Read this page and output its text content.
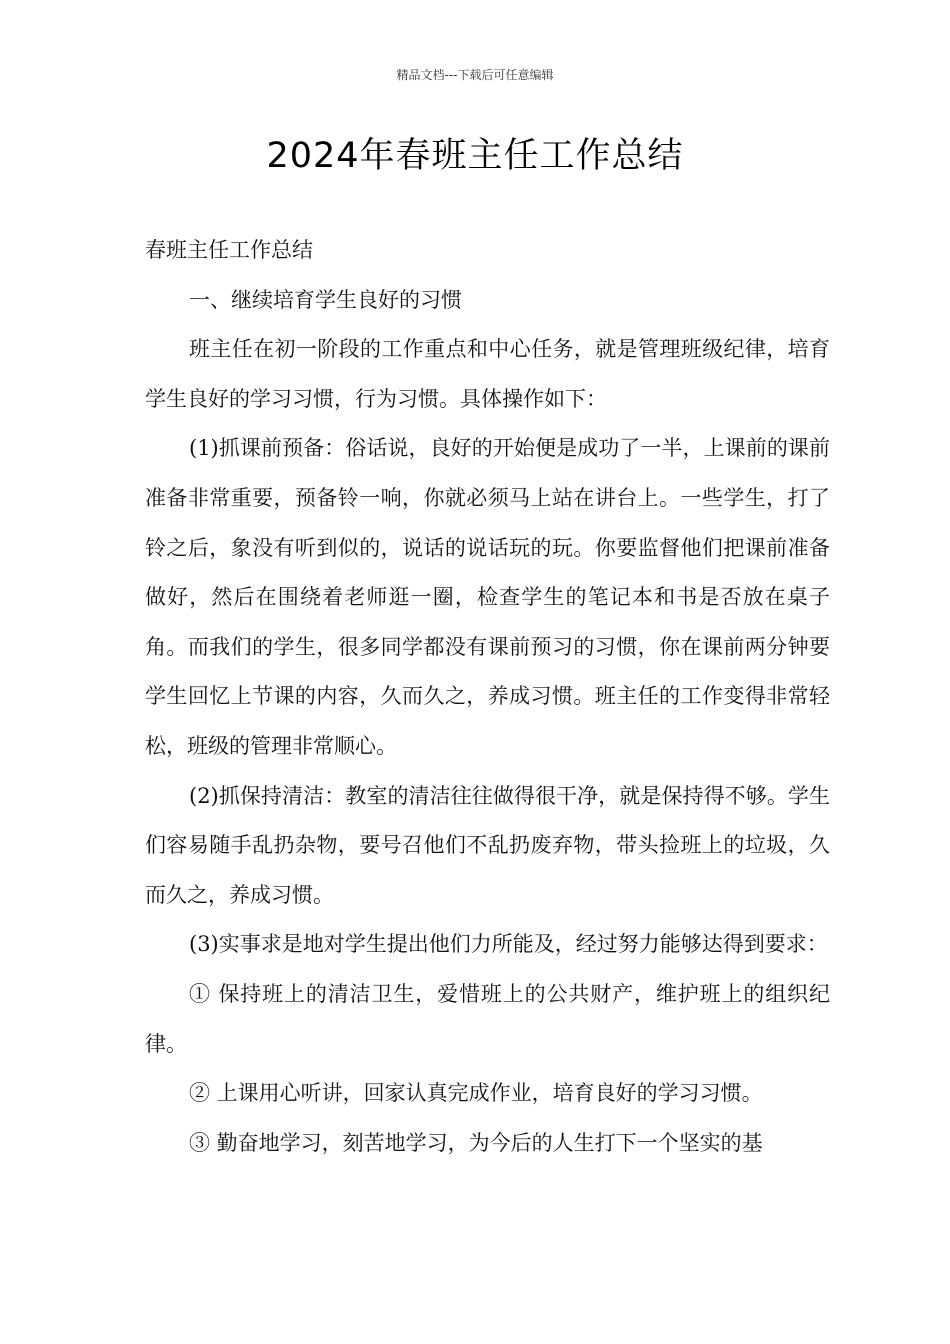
精品文档---下载后可任意编辑
2024年春班主任工作总结

春班主任工作总结

一、继续培育学生良好的习惯

班主任在初一阶段的工作重点和中心任务，就是管理班级纪律，培育学生良好的学习习惯，行为习惯。具体操作如下：

(1)抓课前预备：俗话说，良好的开始便是成功了一半，上课前的课前准备非常重要，预备铃一响，你就必须马上站在讲台上。一些学生，打了铃之后，象没有听到似的，说话的说话玩的玩。你要监督他们把课前准备做好，然后在围绕着老师逛一圈，检查学生的笔记本和书是否放在桌子角。而我们的学生，很多同学都没有课前预习的习惯，你在课前两分钟要学生回忆上节课的内容，久而久之，养成习惯。班主任的工作变得非常轻松，班级的管理非常顺心。

(2)抓保持清洁：教室的清洁往往做得很干净，就是保持得不够。学生们容易随手乱扔杂物，要号召他们不乱扔废弃物，带头捡班上的垃圾，久而久之，养成习惯。

(3)实事求是地对学生提出他们力所能及，经过努力能够达得到要求：

① 保持班上的清洁卫生，爱惜班上的公共财产，维护班上的组织纪律。

② 上课用心听讲，回家认真完成作业，培育良好的学习习惯。

③ 勤奋地学习，刻苦地学习，为今后的人生打下一个坚实的基
